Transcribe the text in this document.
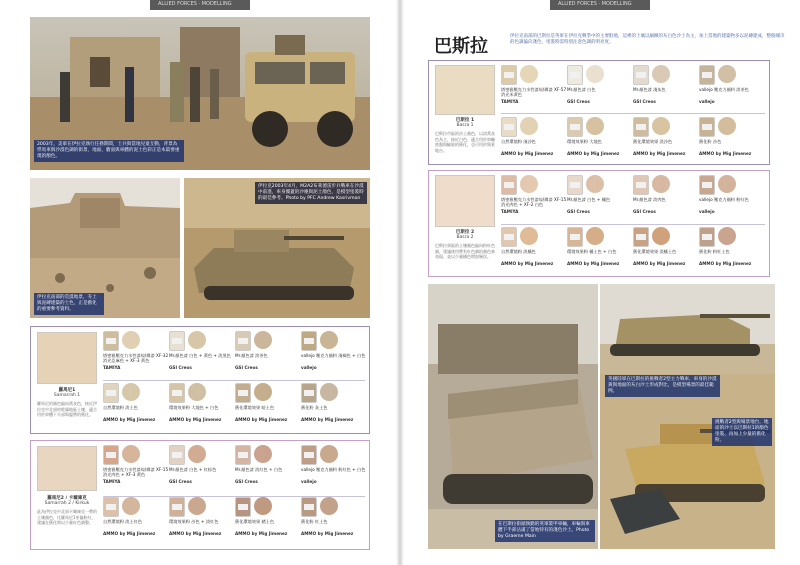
ALLIED FORCES · MODELLING
2003年，美軍在伊拉克執行任務期間，士兵與當地兒童互動，背景為悍馬車與沙漠色調的街景，地面、牆面與車體的泥土色彩正是本篇要重現的顏色。
伊拉克南部的荒漠地景，夯土與泥磚建築的土色，正是舊化的重要參考資料。
伊拉克2003年4月，M2A2布萊德雷步兵戰車在沙漠中前進，車身覆蓋的沙塵與泥土顏色，是模型塗裝時的最佳參考。Photo by PFC Andrew Kasrivmon
羅馬尼1
Samarrah 1
羅馬尼的顏色偏向黃灰色，接近伊拉克中北部的乾燥地區土壤，適合用於車體下半部與履帶的舊化。
塔密雅壓克力水性漆/琺瑯漆 XF-32 消光亞麻色 + XF-3 黃色
TAMIYA
Mr.顏色漆 白色 + 黃色 + 淡黑色
GSI Creos
Mr.顏色漆 淡茶色
GSI Creos
vallejo 壓克力顏料 淺褐色 + 白色
vallejo
自然環境粉 淡土色
AMMO by Mig Jimenez
環境效果粉 大地色 + 白色
AMMO by Mig Jimenez
舊化環境效果 暗土色
AMMO by Mig Jimenez
舊化粉 灰土色
AMMO by Mig Jimenez
羅馬尼2 / 卡爾庫克
Samarrah 2 / Kirkuk
此為伊拉克中北部卡爾庫克一帶的土壤顏色，比羅馬尼1更偏粉紅，建議在舊化時以少量紅色調整。
塔密雅壓克力水性漆/琺瑯漆 XF-15 消光肉色 + XF-3 黃色
TAMIYA
Mr.顏色漆 白色 + 紅棕色
GSI Creos
Mr.顏色漆 淡紅色 + 白色
GSI Creos
vallejo 壓克力顏料 粉紅色 + 白色
vallejo
自然環境粉 淡土紅色
AMMO by Mig Jimenez
環境效果粉 沙色 + 淡紅色
AMMO by Mig Jimenez
舊化環境效果 赭土色
AMMO by Mig Jimenez
舊化粉 紅土色
AMMO by Mig Jimenez
ALLIED FORCES · MODELLING
巴斯拉 1
Basra 1
巴斯拉市區的沙土顏色，以淡黃灰色為主，接近白色，適合用於車輛底盤與輪胎的舊化，也可用於場景地台。
塔密雅壓克力水性漆/琺瑯漆 XF-57 消光米黃色
TAMIYA
Mr.顏色漆 白色
GSI Creos
Mr.顏色漆 淺灰色
GSI Creos
vallejo 壓克力顏料 淡茶色
vallejo
自然環境粉 淺沙色
AMMO by Mig Jimenez
環境效果粉 大地色
AMMO by Mig Jimenez
舊化環境效果 淡沙色
AMMO by Mig Jimenez
舊化粉 沙色
AMMO by Mig Jimenez
巴斯拉 2
Basra 2
巴斯拉郊區的土壤顏色偏向粉紅色調，建議使用帶有紅色調的顏色來表現，並以少量橘色增加層次。
塔密雅壓克力水性漆/琺瑯漆 XF-15 消光肉色 + XF-2 白色
TAMIYA
Mr.顏色漆 白色 + 橘色
GSI Creos
Mr.顏色漆 淡肉色
GSI Creos
vallejo 壓克力顏料 粉紅色
vallejo
自然環境粉 淡橘色
AMMO by Mig Jimenez
環境效果粉 橘土色 + 白色
AMMO by Mig Jimenez
舊化環境效果 淡橘土色
AMMO by Mig Jimenez
舊化粉 粉紅土色
AMMO by Mig Jimenez
在巴斯拉街頭執勤的英軍裝甲車輛，車輪與車體下半部沾滿了當地特有的淺色沙土。Photo by Graeme Main
英國陸軍在巴斯拉的挑戰者2型主力戰車，車身的沙漠黃與地面的灰白沙土形成對比，是模型場景的最佳範例。
挑戰者2型與場景地台，地面的沙土以巴斯拉1的顏色塗裝，再加上少量的舊化粉。
巴斯拉	伊拉克南部的巴斯拉是英軍在伊拉克戰爭中的主要駐地，這裡的土壤以細緻的灰白色沙土為主，加上當地的建築物多以泥磚建成，整個城市的色調偏向淺色，塗裝時需特別注意色調的明亮度。
